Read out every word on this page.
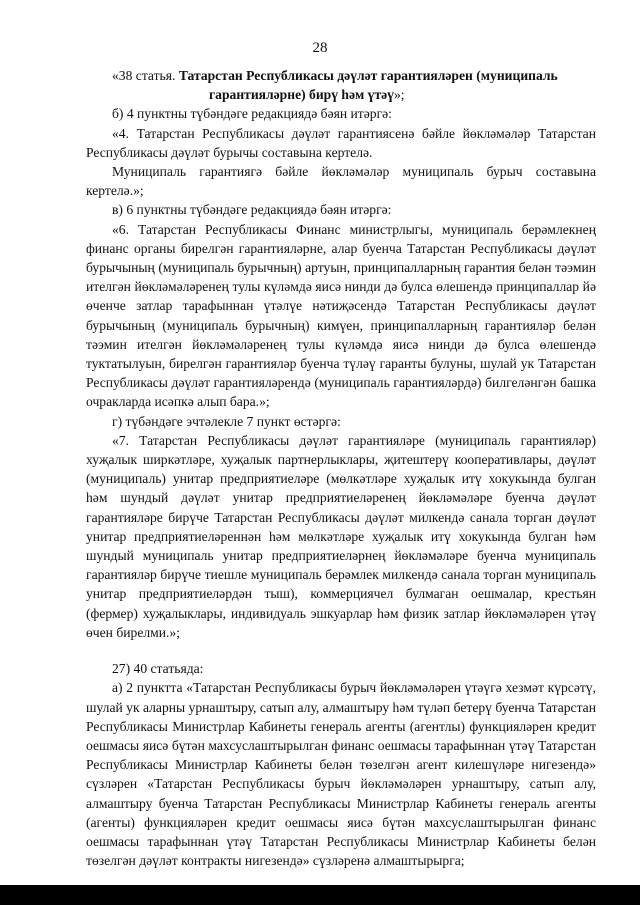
28

«38 статья. Татарстан Республикасы дәүләт гарантияләрен (муниципаль
гарантияләрне) бирү һәм үтәү»;

б) 4 пунктны түбәндәге редакциядә бәян итәргә:

«4. Татарстан Республикасы дәүләт гарантиясенә бәйле йөкләмәләр Татарстан Республикасы дәүләт бурычы составына кертелә.

Муниципаль гарантиягә бәйле йөкләмәләр муниципаль бурыч составына кертелә.»;

в) 6 пунктны түбәндәге редакциядә бәян итәргә:

«6. Татарстан Республикасы Финанс министрлыгы, муниципаль берәмлекнең финанс органы бирелгән гарантияләрне, алар буенча Татарстан Республикасы дәүләт бурычының (муниципаль бурычның) артуын, принципалларның гарантия белән тәэмин ителгән йөкләмәләренең тулы күләмдә яисә нинди дә булса өлешендә принципаллар йә өченче затлар тарафыннан үтәлүе нәтиҗәсендә Татарстан Республикасы дәүләт бурычының (муниципаль бурычның) кимүен, принципалларның гарантияләр белән тәэмин ителгән йөкләмәләренең тулы күләмдә яисә нинди дә булса өлешендә туктатылуын, бирелгән гарантияләр буенча түләү гаранты булуны, шулай ук Татарстан Республикасы дәүләт гарантияләрендә (муниципаль гарантияләрдә) билгеләнгән башка очракларда исәпкә алып бара.»;

г) түбәндәге эчтәлекле 7 пункт өстәргә:

«7. Татарстан Республикасы дәүләт гарантияләре (муниципаль гарантияләр) хуҗалык ширкәтләре, хуҗалык партнерлыклары, җитештерү кооперативлары, дәүләт (муниципаль) унитар предприятиеләре (мөлкәтләре хуҗалык итү хокукында булган һәм шундый дәүләт унитар предприятиеләренең йөкләмәләре буенча дәүләт гарантияләре бирүче Татарстан Республикасы дәүләт милкендә санала торган дәүләт унитар предприятиеләреннән һәм мөлкәтләре хуҗалык итү хокукында булган һәм шундый муниципаль унитар предприятиеләрнең йөкләмәләре буенча муниципаль гарантияләр бирүче тиешле муниципаль берәмлек милкендә санала торган муниципаль унитар предприятиеләрдән тыш), коммерциячел булмаган оешмалар, крестьян (фермер) хуҗалыклары, индивидуаль эшкуарлар һәм физик затлар йөкләмәләрен үтәү өчен бирелми.»;

27) 40 статьяда:

а) 2 пунктта «Татарстан Республикасы бурыч йөкләмәләрен үтәүгә хезмәт күрсәтү, шулай ук аларны урнаштыру, сатып алу, алмаштыру һәм түләп бетерү буенча Татарстан Республикасы Министрлар Кабинеты генераль агенты (агентлы) функцияләрен кредит оешмасы яисә бүтән махсуслаштырылган финанс оешмасы тарафыннан үтәү Татарстан Республикасы Министрлар Кабинеты белән төзелгән агент килешүләре нигезендә» сүзләрен «Татарстан Республикасы бурыч йөкләмәләрен урнаштыру, сатып алу, алмаштыру буенча Татарстан Республикасы Министрлар Кабинеты генераль агенты (агенты) функцияләрен кредит оешмасы яисә бүтән махсуслаштырылган финанс оешмасы тарафыннан үтәү Татарстан Республикасы Министрлар Кабинеты белән төзелгән дәүләт контракты нигезендә» сүзләренә алмаштырырга;
